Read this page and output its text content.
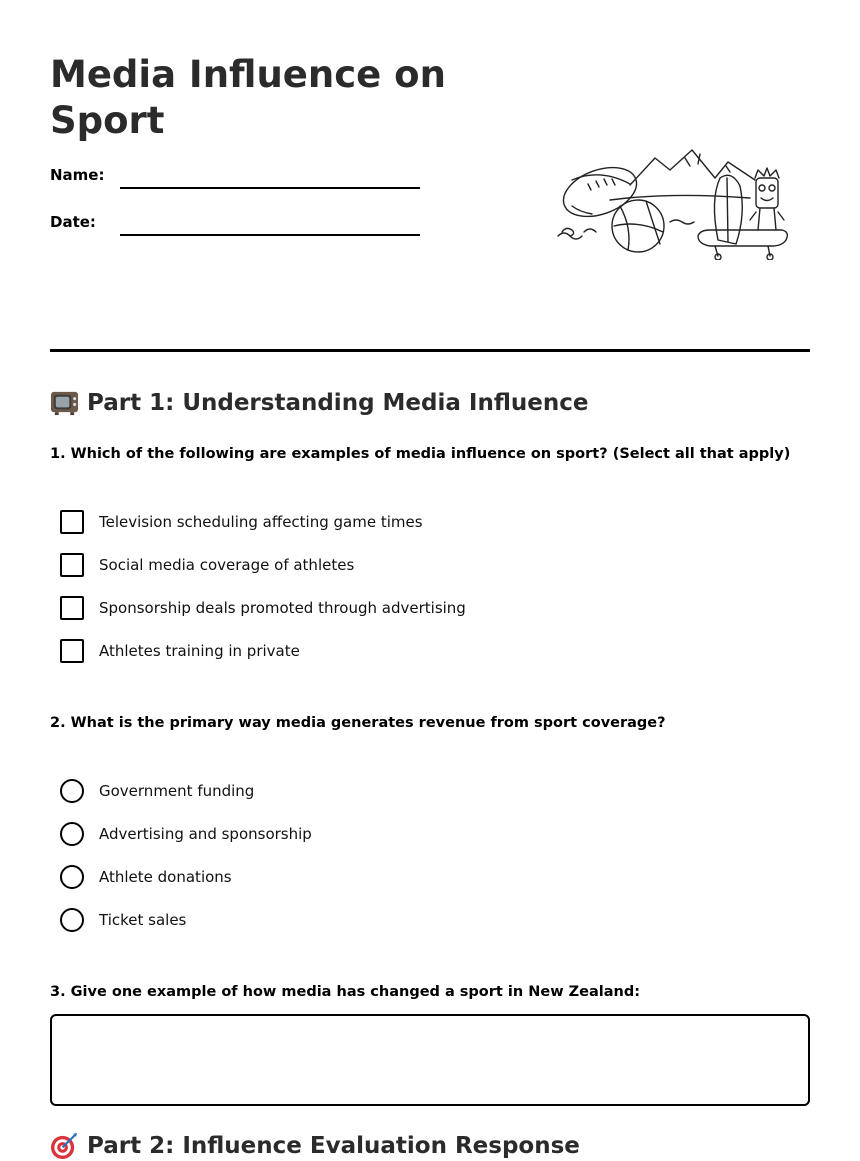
Media Influence on Sport
Name:
Date:
Part 1: Understanding Media Influence
1. Which of the following are examples of media influence on sport? (Select all that apply)
Television scheduling affecting game times
Social media coverage of athletes
Sponsorship deals promoted through advertising
Athletes training in private
2. What is the primary way media generates revenue from sport coverage?
Government funding
Advertising and sponsorship
Athlete donations
Ticket sales
3. Give one example of how media has changed a sport in New Zealand:
Part 2: Influence Evaluation Response
